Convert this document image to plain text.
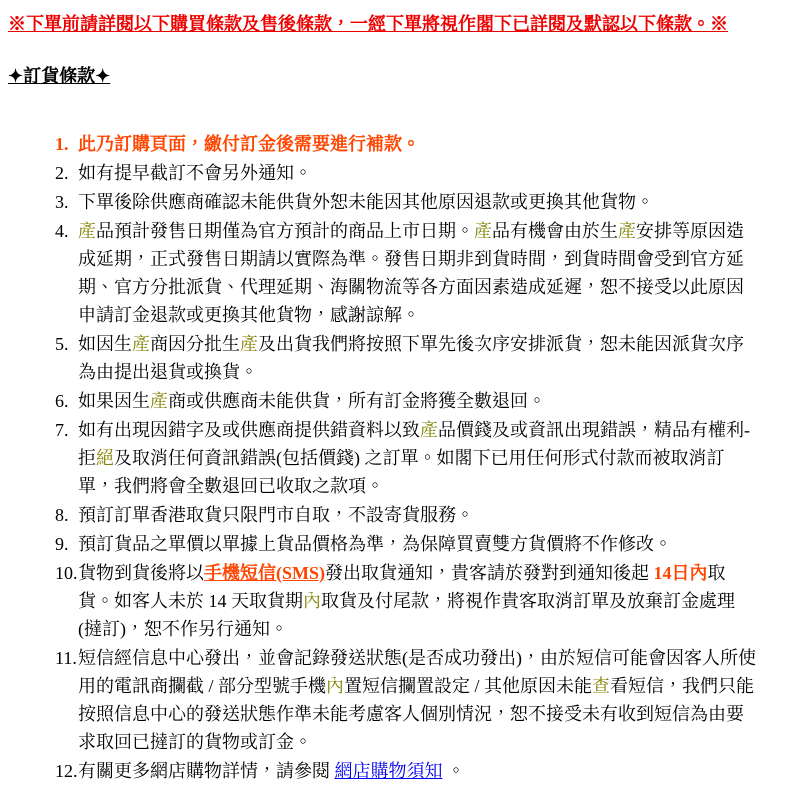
※下單前請詳閱以下購買條款及售後條款，一經下單將視作閣下已詳閱及默認以下條款。※

✦訂貨條款✦
1. 此乃訂購頁面，繳付訂金後需要進行補款。
2. 如有提早截訂不會另外通知。
3. 下單後除供應商確認未能供貨外恕未能因其他原因退款或更換其他貨物。
4. 產品預計發售日期僅為官方預計的商品上市日期。產品有機會由於生產安排等原因造成延期，正式發售日期請以實際為準。發售日期非到貨時間，到貨時間會受到官方延期、官方分批派貨、代理延期、海關物流等各方面因素造成延遲，恕不接受以此原因申請訂金退款或更換其他貨物，感謝諒解。
5. 如因生產商因分批生產及出貨我們將按照下單先後次序安排派貨，恕未能因派貨次序為由提出退貨或換貨。
6. 如果因生產商或供應商未能供貨，所有訂金將獲全數退回。
7. 如有出現因錯字及或供應商提供錯資料以致產品價錢及或資訊出現錯誤，精品有權利-拒絕及取消任何資訊錯誤(包括價錢) 之訂單。如閣下已用任何形式付款而被取消訂單，我們將會全數退回已收取之款項。
8. 預訂訂單香港取貨只限門市自取，不設寄貨服務。
9. 預訂貨品之單價以單據上貨品價格為準，為保障買賣雙方貨價將不作修改。
10. 貨物到貨後將以手機短信(SMS)發出取貨通知，貴客請於發對到通知後起 14日內取貨。如客人未於 14 天取貨期內取貨及付尾款，將視作貴客取消訂單及放棄訂金處理(撻訂)，恕不作另行通知。
11. 短信經信息中心發出，並會記錄發送狀態(是否成功發出)，由於短信可能會因客人所使用的電訊商攔截 / 部分型號手機內置短信攔置設定 / 其他原因未能查看短信，我們只能按照信息中心的發送狀態作準未能考慮客人個別情況，恕不接受未有收到短信為由要求取回已撻訂的貨物或訂金。
12. 有關更多網店購物詳情，請參閱 網店購物須知 。
